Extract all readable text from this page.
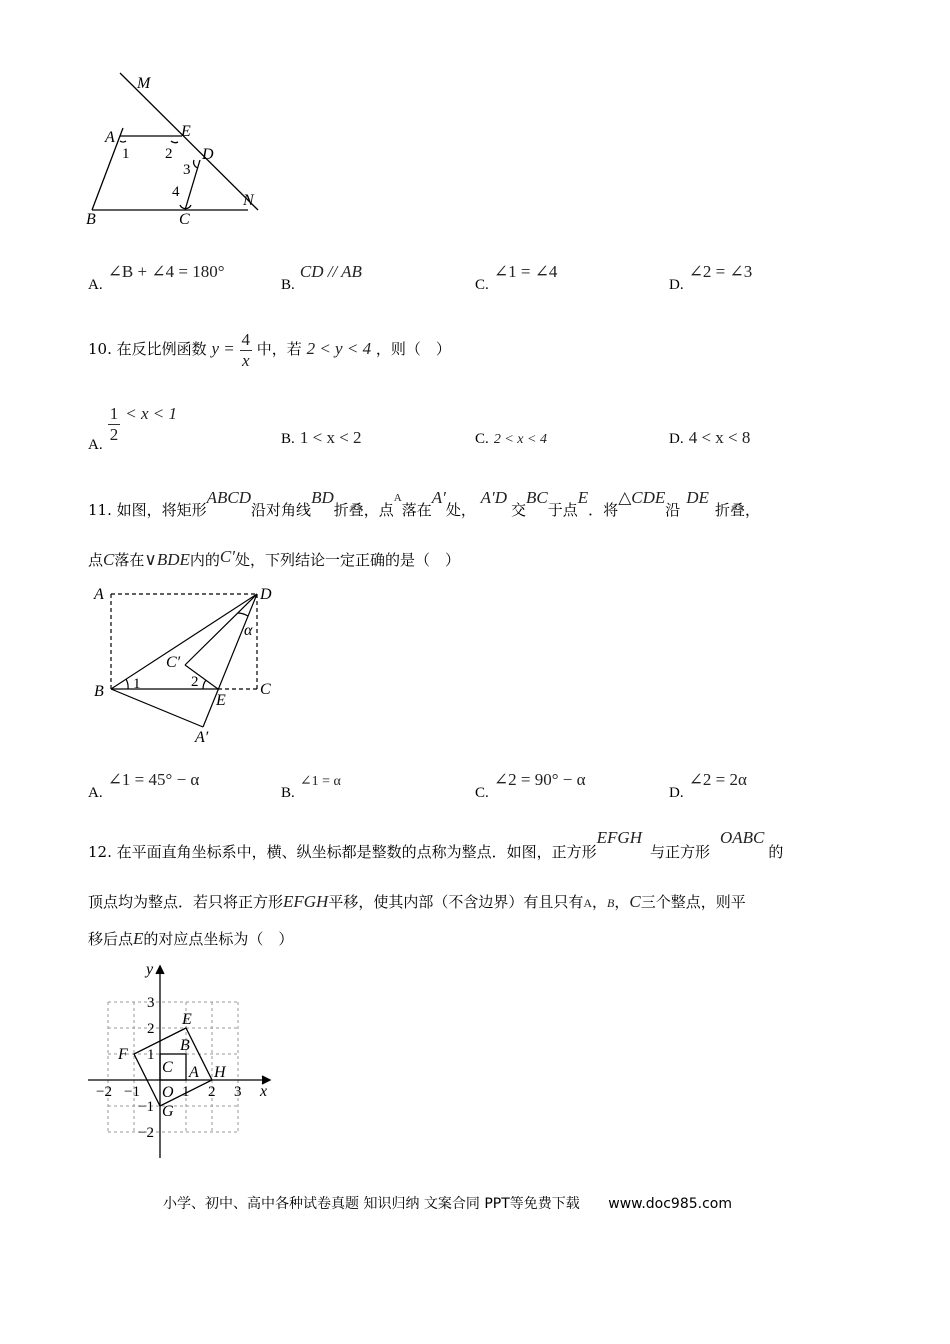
M
A	E
D
B	C
N
1 2
3
4
A. ∠B + ∠4 = 180°
B. CD // AB
C. ∠1 = ∠4
D. ∠2 = ∠3
10. 在反比例函数 $y = \frac{4}{x}$ 中，若 2 < y < 4 ，则（　）
A. $\frac{1}{2} < x < 1$
B. 1 < x < 2	C. 2 < x < 4	D. 4 < x < 8
11. 如图，将矩形ABCD沿对角线BD折叠，点$^A$落在A′处， A′D交BC于点E．将△CDE沿DE折叠，
点C落在∨BDE内的C′处，下列结论一定正确的是（　）
A	D
B	C
E
A′
C′
1	2
α
A. ∠1 = 45° − α
B. ∠1 = α
C. ∠2 = 90° − α
D. ∠2 = 2α
12. 在平面直角坐标系中，横、纵坐标都是整数的点称为整点．如图，正方形EFGH与正方形OABC的
顶点均为整点．若只将正方形EFGH平移，使其内部（不含边界）有且只有A，B，C三个整点，则平
移后点E的对应点坐标为（　）
x
y
O
A
B
C
E
F
G
H
3
2
1
−1
−2
−2 −1	1 2 3
小学、初中、高中各种试卷真题 知识归纳 文案合同 PPT等免费下载 www.doc985.com
